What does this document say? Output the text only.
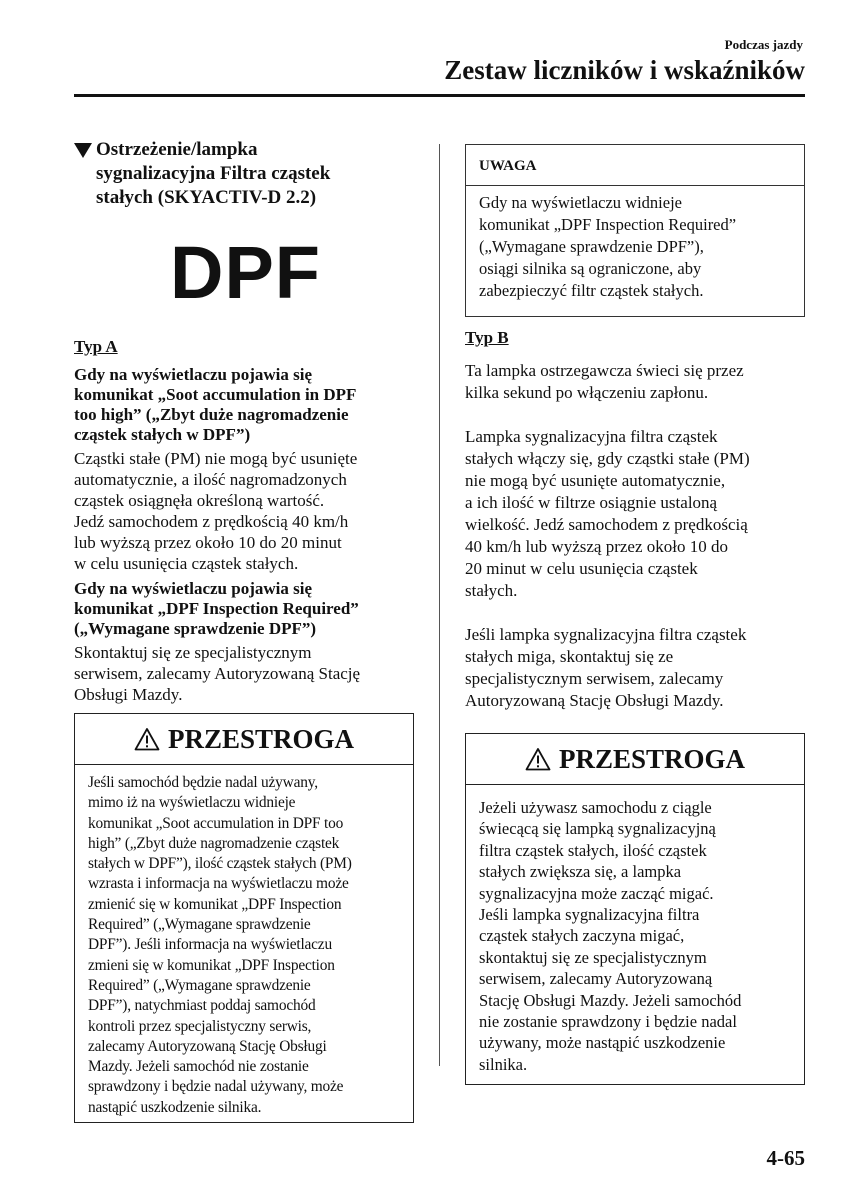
Podczas jazdy
Zestaw liczników i wskaźników
Ostrzeżenie/lampka
sygnalizacyjna Filtra cząstek
stałych (SKYACTIV-D 2.2)
DPF
Typ A

Gdy na wyświetlaczu pojawia się
komunikat „Soot accumulation in DPF
too high” („Zbyt duże nagromadzenie
cząstek stałych w DPF”)

Cząstki stałe (PM) nie mogą być usunięte
automatycznie, a ilość nagromadzonych
cząstek osiągnęła określoną wartość.
Jedź samochodem z prędkością 40 km/h
lub wyższą przez około 10 do 20 minut
w celu usunięcia cząstek stałych.

Gdy na wyświetlaczu pojawia się
komunikat „DPF Inspection Required”
(„Wymagane sprawdzenie DPF”)

Skontaktuj się ze specjalistycznym
serwisem, zalecamy Autoryzowaną Stację
Obsługi Mazdy.

PRZESTROGA
Jeśli samochód będzie nadal używany,
mimo iż na wyświetlaczu widnieje
komunikat „Soot accumulation in DPF too
high” („Zbyt duże nagromadzenie cząstek
stałych w DPF”), ilość cząstek stałych (PM)
wzrasta i informacja na wyświetlaczu może
zmienić się w komunikat „DPF Inspection
Required” („Wymagane sprawdzenie
DPF”). Jeśli informacja na wyświetlaczu
zmieni się w komunikat „DPF Inspection
Required” („Wymagane sprawdzenie
DPF”), natychmiast poddaj samochód
kontroli przez specjalistyczny serwis,
zalecamy Autoryzowaną Stację Obsługi
Mazdy. Jeżeli samochód nie zostanie
sprawdzony i będzie nadal używany, może
nastąpić uszkodzenie silnika.
UWAGA
Gdy na wyświetlaczu widnieje
komunikat „DPF Inspection Required”
(„Wymagane sprawdzenie DPF”),
osiągi silnika są ograniczone, aby
zabezpieczyć filtr cząstek stałych.
Typ B

Ta lampka ostrzegawcza świeci się przez
kilka sekund po włączeniu zapłonu.

Lampka sygnalizacyjna filtra cząstek
stałych włączy się, gdy cząstki stałe (PM)
nie mogą być usunięte automatycznie,
a ich ilość w filtrze osiągnie ustaloną
wielkość. Jedź samochodem z prędkością
40 km/h lub wyższą przez około 10 do
20 minut w celu usunięcia cząstek
stałych.

Jeśli lampka sygnalizacyjna filtra cząstek
stałych miga, skontaktuj się ze
specjalistycznym serwisem, zalecamy
Autoryzowaną Stację Obsługi Mazdy.

PRZESTROGA
Jeżeli używasz samochodu z ciągle
świecącą się lampką sygnalizacyjną
filtra cząstek stałych, ilość cząstek
stałych zwiększa się, a lampka
sygnalizacyjna może zacząć migać.
Jeśli lampka sygnalizacyjna filtra
cząstek stałych zaczyna migać,
skontaktuj się ze specjalistycznym
serwisem, zalecamy Autoryzowaną
Stację Obsługi Mazdy. Jeżeli samochód
nie zostanie sprawdzony i będzie nadal
używany, może nastąpić uszkodzenie
silnika.
4-65
